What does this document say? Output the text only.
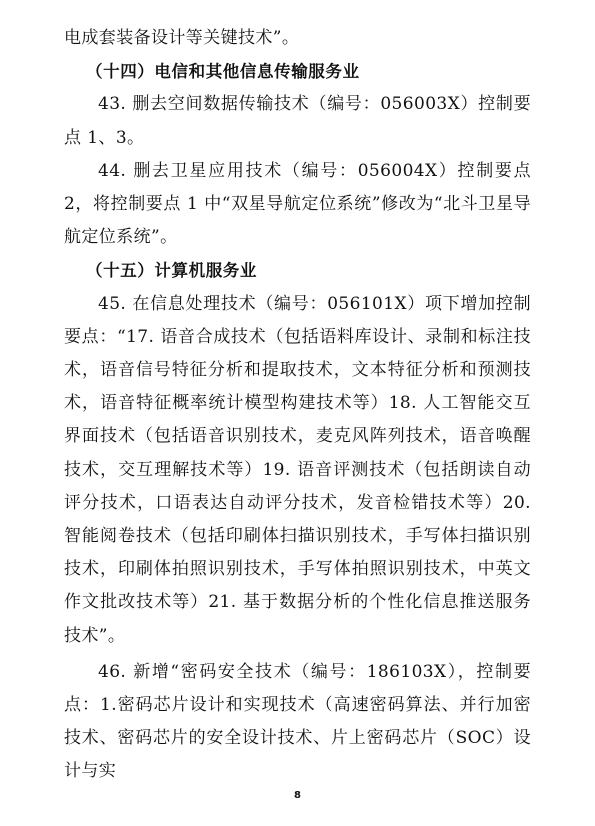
电成套装备设计等关键技术”。

（十四）电信和其他信息传输服务业

43. 删去空间数据传输技术（编号：056003X）控制要点 1、3。

44. 删去卫星应用技术（编号：056004X）控制要点 2，将控制要点 1 中“双星导航定位系统”修改为“北斗卫星导航定位系统”。

（十五）计算机服务业

45. 在信息处理技术（编号：056101X）项下增加控制要点：“17. 语音合成技术（包括语料库设计、录制和标注技术，语音信号特征分析和提取技术，文本特征分析和预测技术，语音特征概率统计模型构建技术等）18. 人工智能交互界面技术（包括语音识别技术，麦克风阵列技术，语音唤醒技术，交互理解技术等）19. 语音评测技术（包括朗读自动评分技术，口语表达自动评分技术，发音检错技术等）20. 智能阅卷技术（包括印刷体扫描识别技术，手写体扫描识别技术，印刷体拍照识别技术，手写体拍照识别技术，中英文作文批改技术等）21. 基于数据分析的个性化信息推送服务技术”。

46. 新增“密码安全技术（编号：186103X），控制要点：1.密码芯片设计和实现技术（高速密码算法、并行加密技术、密码芯片的安全设计技术、片上密码芯片（SOC）设计与实

8
